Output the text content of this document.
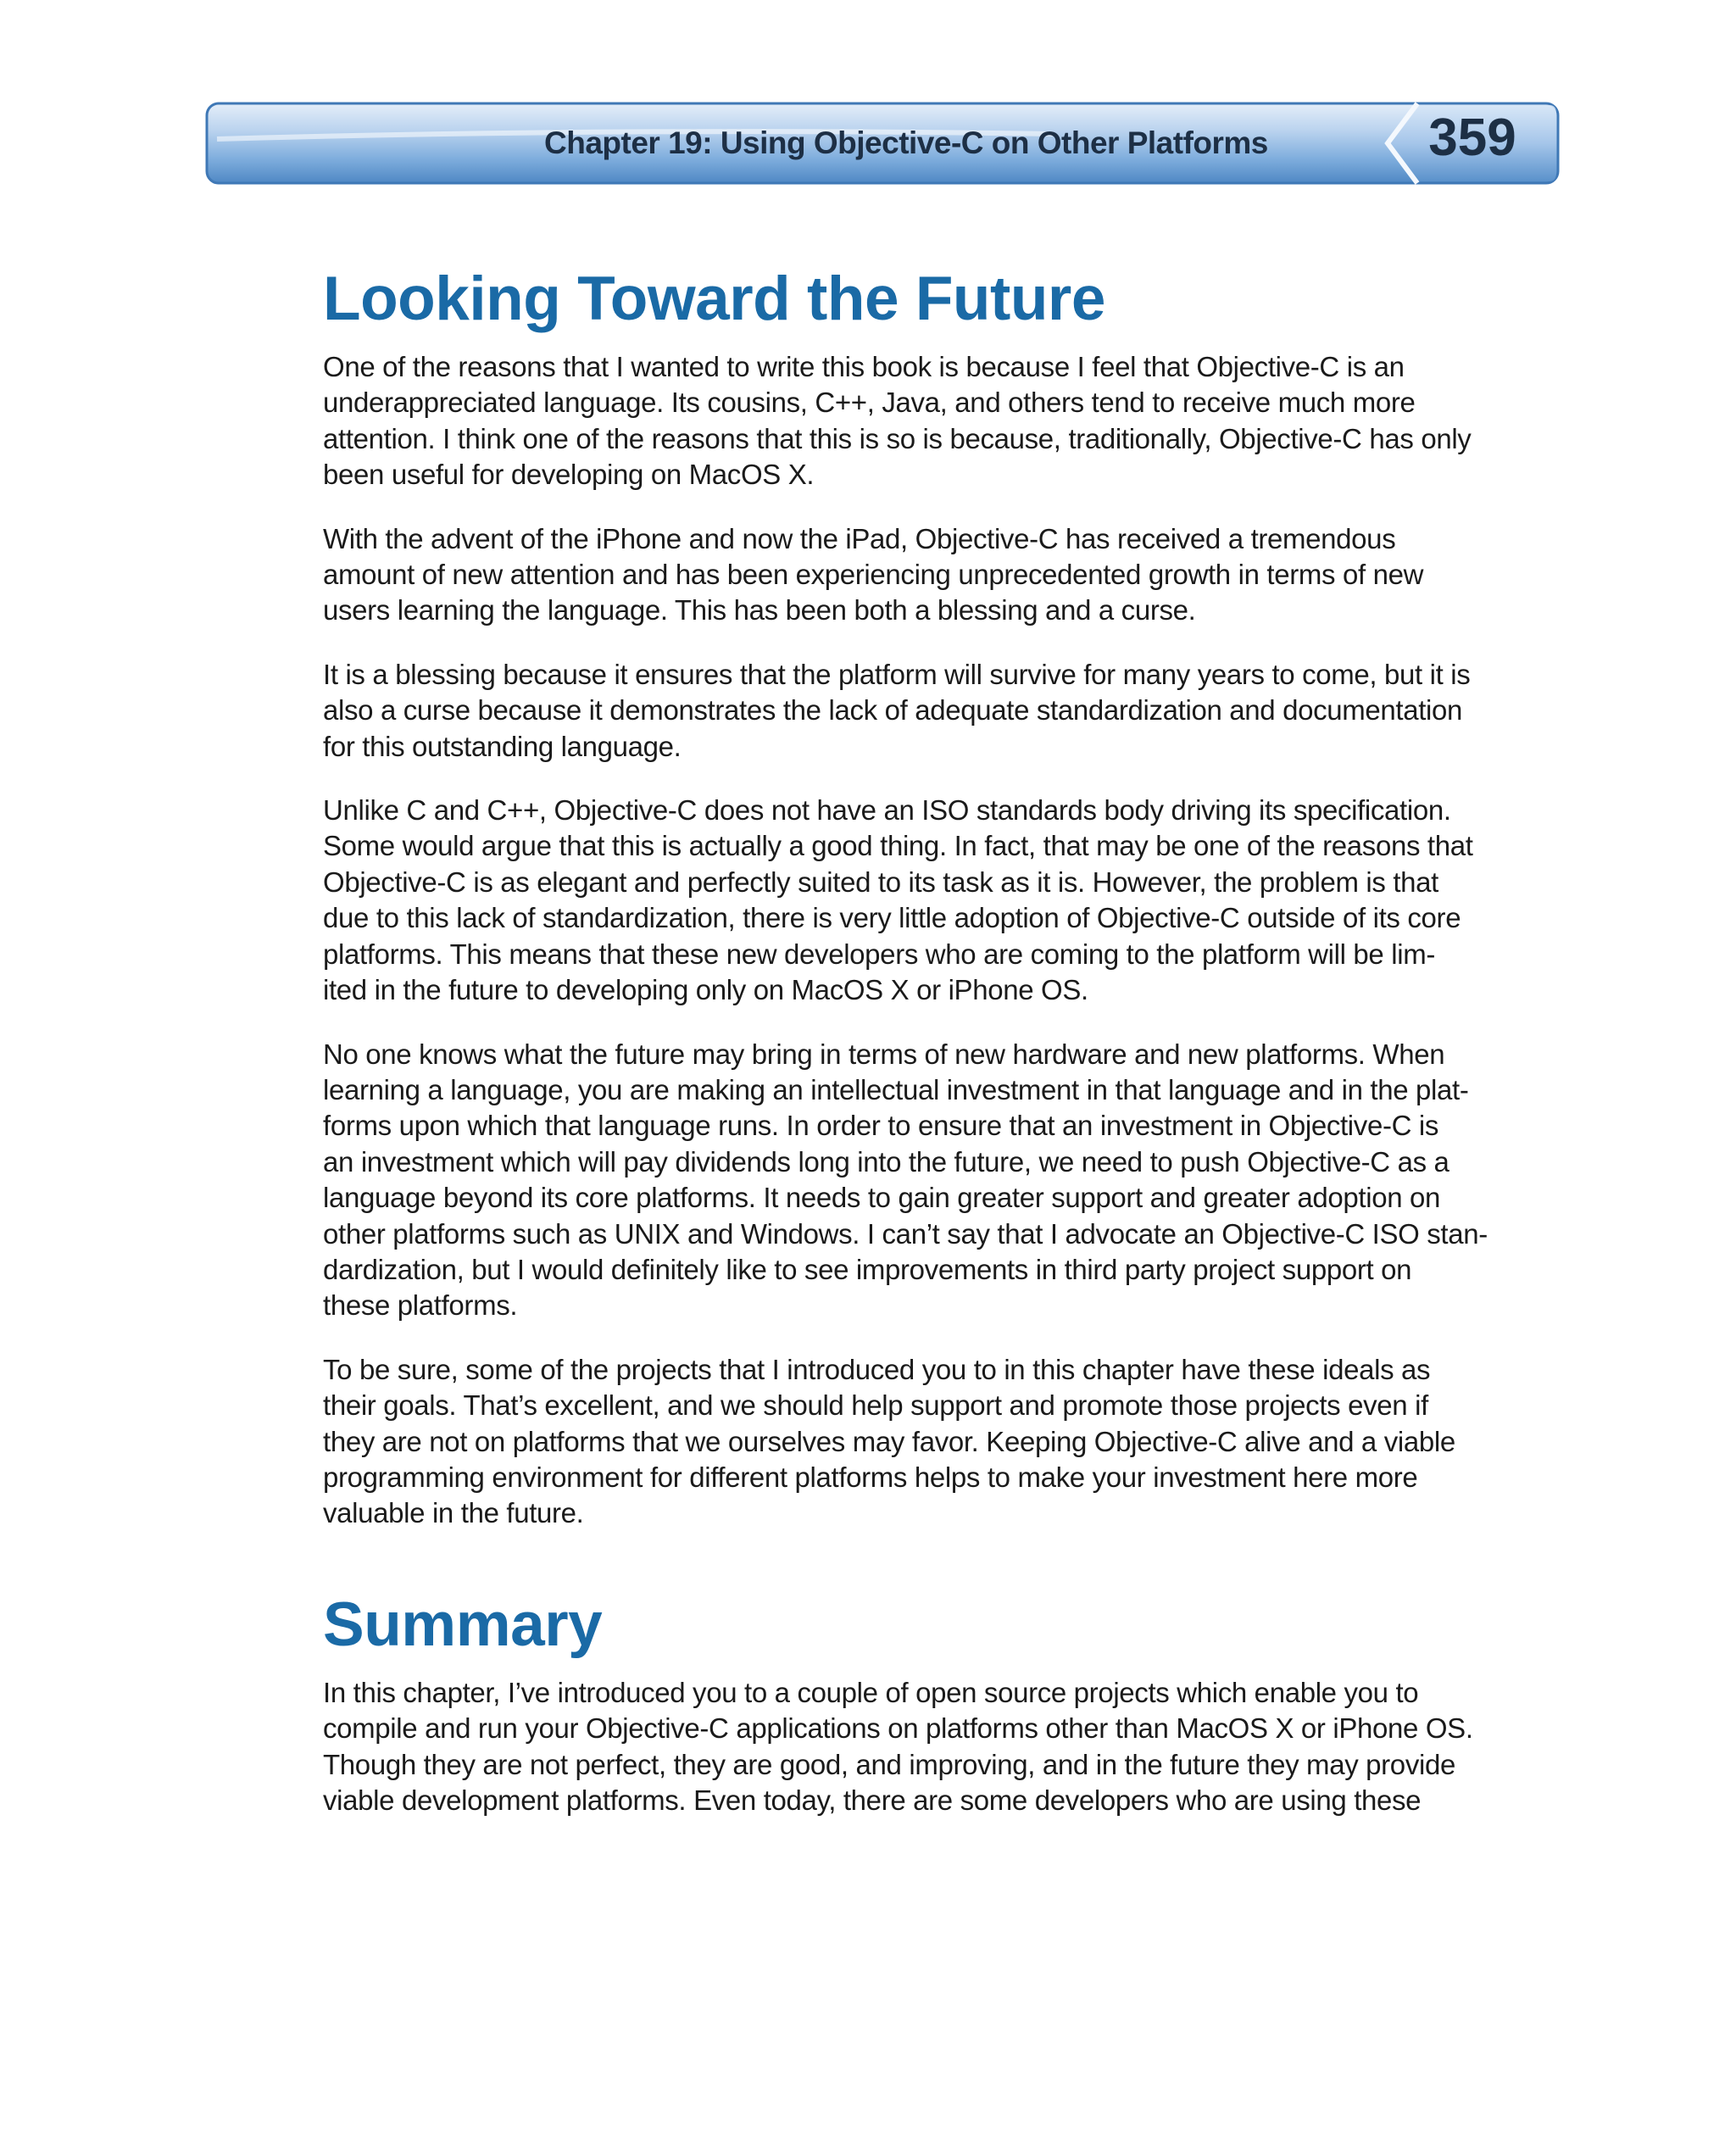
Chapter 19: Using Objective-C on Other Platforms	359
Looking Toward the Future

One of the reasons that I wanted to write this book is because I feel that Objective-C is an
underappreciated language. Its cousins, C++, Java, and others tend to receive much more
attention. I think one of the reasons that this is so is because, traditionally, Objective-C has only
been useful for developing on MacOS X.

With the advent of the iPhone and now the iPad, Objective-C has received a tremendous
amount of new attention and has been experiencing unprecedented growth in terms of new
users learning the language. This has been both a blessing and a curse.

It is a blessing because it ensures that the platform will survive for many years to come, but it is
also a curse because it demonstrates the lack of adequate standardization and documentation
for this outstanding language.

Unlike C and C++, Objective-C does not have an ISO standards body driving its specification.
Some would argue that this is actually a good thing. In fact, that may be one of the reasons that
Objective-C is as elegant and perfectly suited to its task as it is. However, the problem is that
due to this lack of standardization, there is very little adoption of Objective-C outside of its core
platforms. This means that these new developers who are coming to the platform will be lim-
ited in the future to developing only on MacOS X or iPhone OS.

No one knows what the future may bring in terms of new hardware and new platforms. When
learning a language, you are making an intellectual investment in that language and in the plat-
forms upon which that language runs. In order to ensure that an investment in Objective-C is
an investment which will pay dividends long into the future, we need to push Objective-C as a
language beyond its core platforms. It needs to gain greater support and greater adoption on
other platforms such as UNIX and Windows. I can’t say that I advocate an Objective-C ISO stan-
dardization, but I would definitely like to see improvements in third party project support on
these platforms.

To be sure, some of the projects that I introduced you to in this chapter have these ideals as
their goals. That’s excellent, and we should help support and promote those projects even if
they are not on platforms that we ourselves may favor. Keeping Objective-C alive and a viable
programming environment for different platforms helps to make your investment here more
valuable in the future.

Summary

In this chapter, I’ve introduced you to a couple of open source projects which enable you to
compile and run your Objective-C applications on platforms other than MacOS X or iPhone OS.
Though they are not perfect, they are good, and improving, and in the future they may provide
viable development platforms. Even today, there are some developers who are using these
